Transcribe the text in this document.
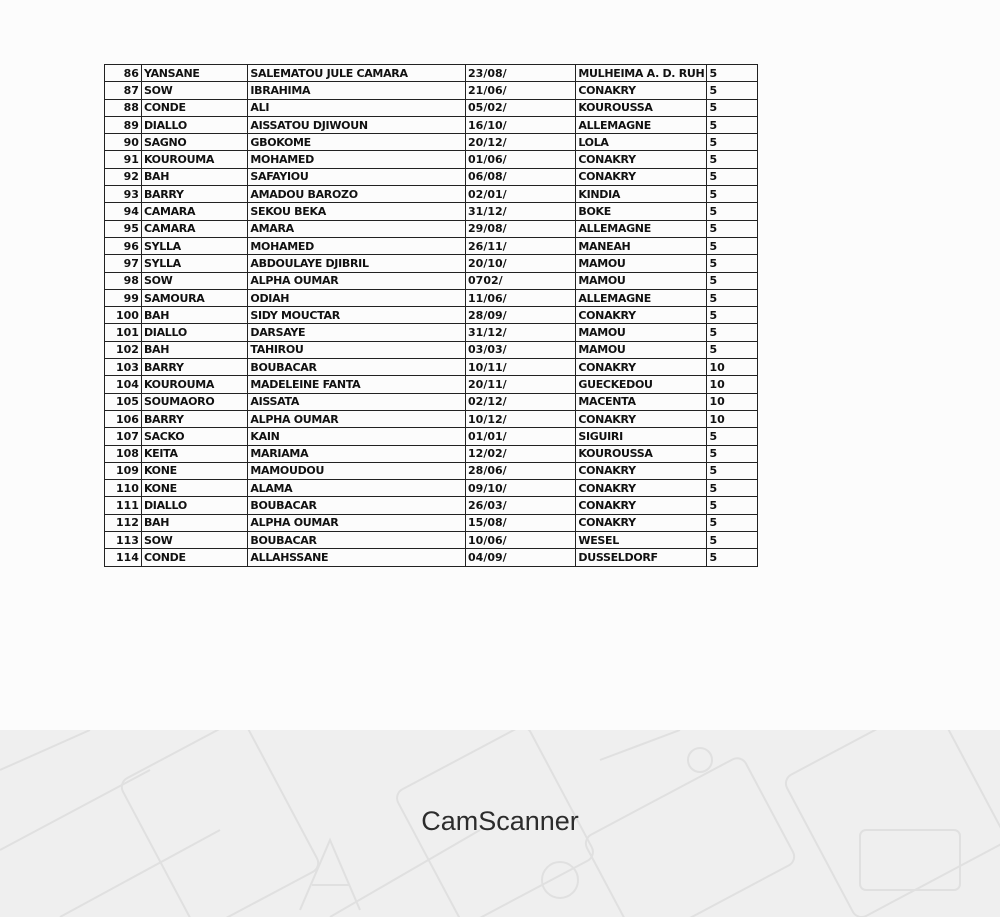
86	YANSANE	SALEMATOU JULE CAMARA	23/08/	MULHEIMA A. D. RUH	5
87	SOW	IBRAHIMA	21/06/	CONAKRY	5
88	CONDE	ALI	05/02/	KOUROUSSA	5
89	DIALLO	AISSATOU DJIWOUN	16/10/	ALLEMAGNE	5
90	SAGNO	GBOKOME	20/12/	LOLA	5
91	KOUROUMA	MOHAMED	01/06/	CONAKRY	5
92	BAH	SAFAYIOU	06/08/	CONAKRY	5
93	BARRY	AMADOU BAROZO	02/01/	KINDIA	5
94	CAMARA	SEKOU BEKA	31/12/	BOKE	5
95	CAMARA	AMARA	29/08/	ALLEMAGNE	5
96	SYLLA	MOHAMED	26/11/	MANEAH	5
97	SYLLA	ABDOULAYE DJIBRIL	20/10/	MAMOU	5
98	SOW	ALPHA OUMAR	0702/	MAMOU	5
99	SAMOURA	ODIAH	11/06/	ALLEMAGNE	5
100	BAH	SIDY MOUCTAR	28/09/	CONAKRY	5
101	DIALLO	DARSAYE	31/12/	MAMOU	5
102	BAH	TAHIROU	03/03/	MAMOU	5
103	BARRY	BOUBACAR	10/11/	CONAKRY	10
104	KOUROUMA	MADELEINE FANTA	20/11/	GUECKEDOU	10
105	SOUMAORO	AISSATA	02/12/	MACENTA	10
106	BARRY	ALPHA OUMAR	10/12/	CONAKRY	10
107	SACKO	KAIN	01/01/	SIGUIRI	5
108	KEITA	MARIAMA	12/02/	KOUROUSSA	5
109	KONE	MAMOUDOU	28/06/	CONAKRY	5
110	KONE	ALAMA	09/10/	CONAKRY	5
111	DIALLO	BOUBACAR	26/03/	CONAKRY	5
112	BAH	ALPHA OUMAR	15/08/	CONAKRY	5
113	SOW	BOUBACAR	10/06/	WESEL	5
114	CONDE	ALLAHSSANE	04/09/	DUSSELDORF	5
CamScanner
